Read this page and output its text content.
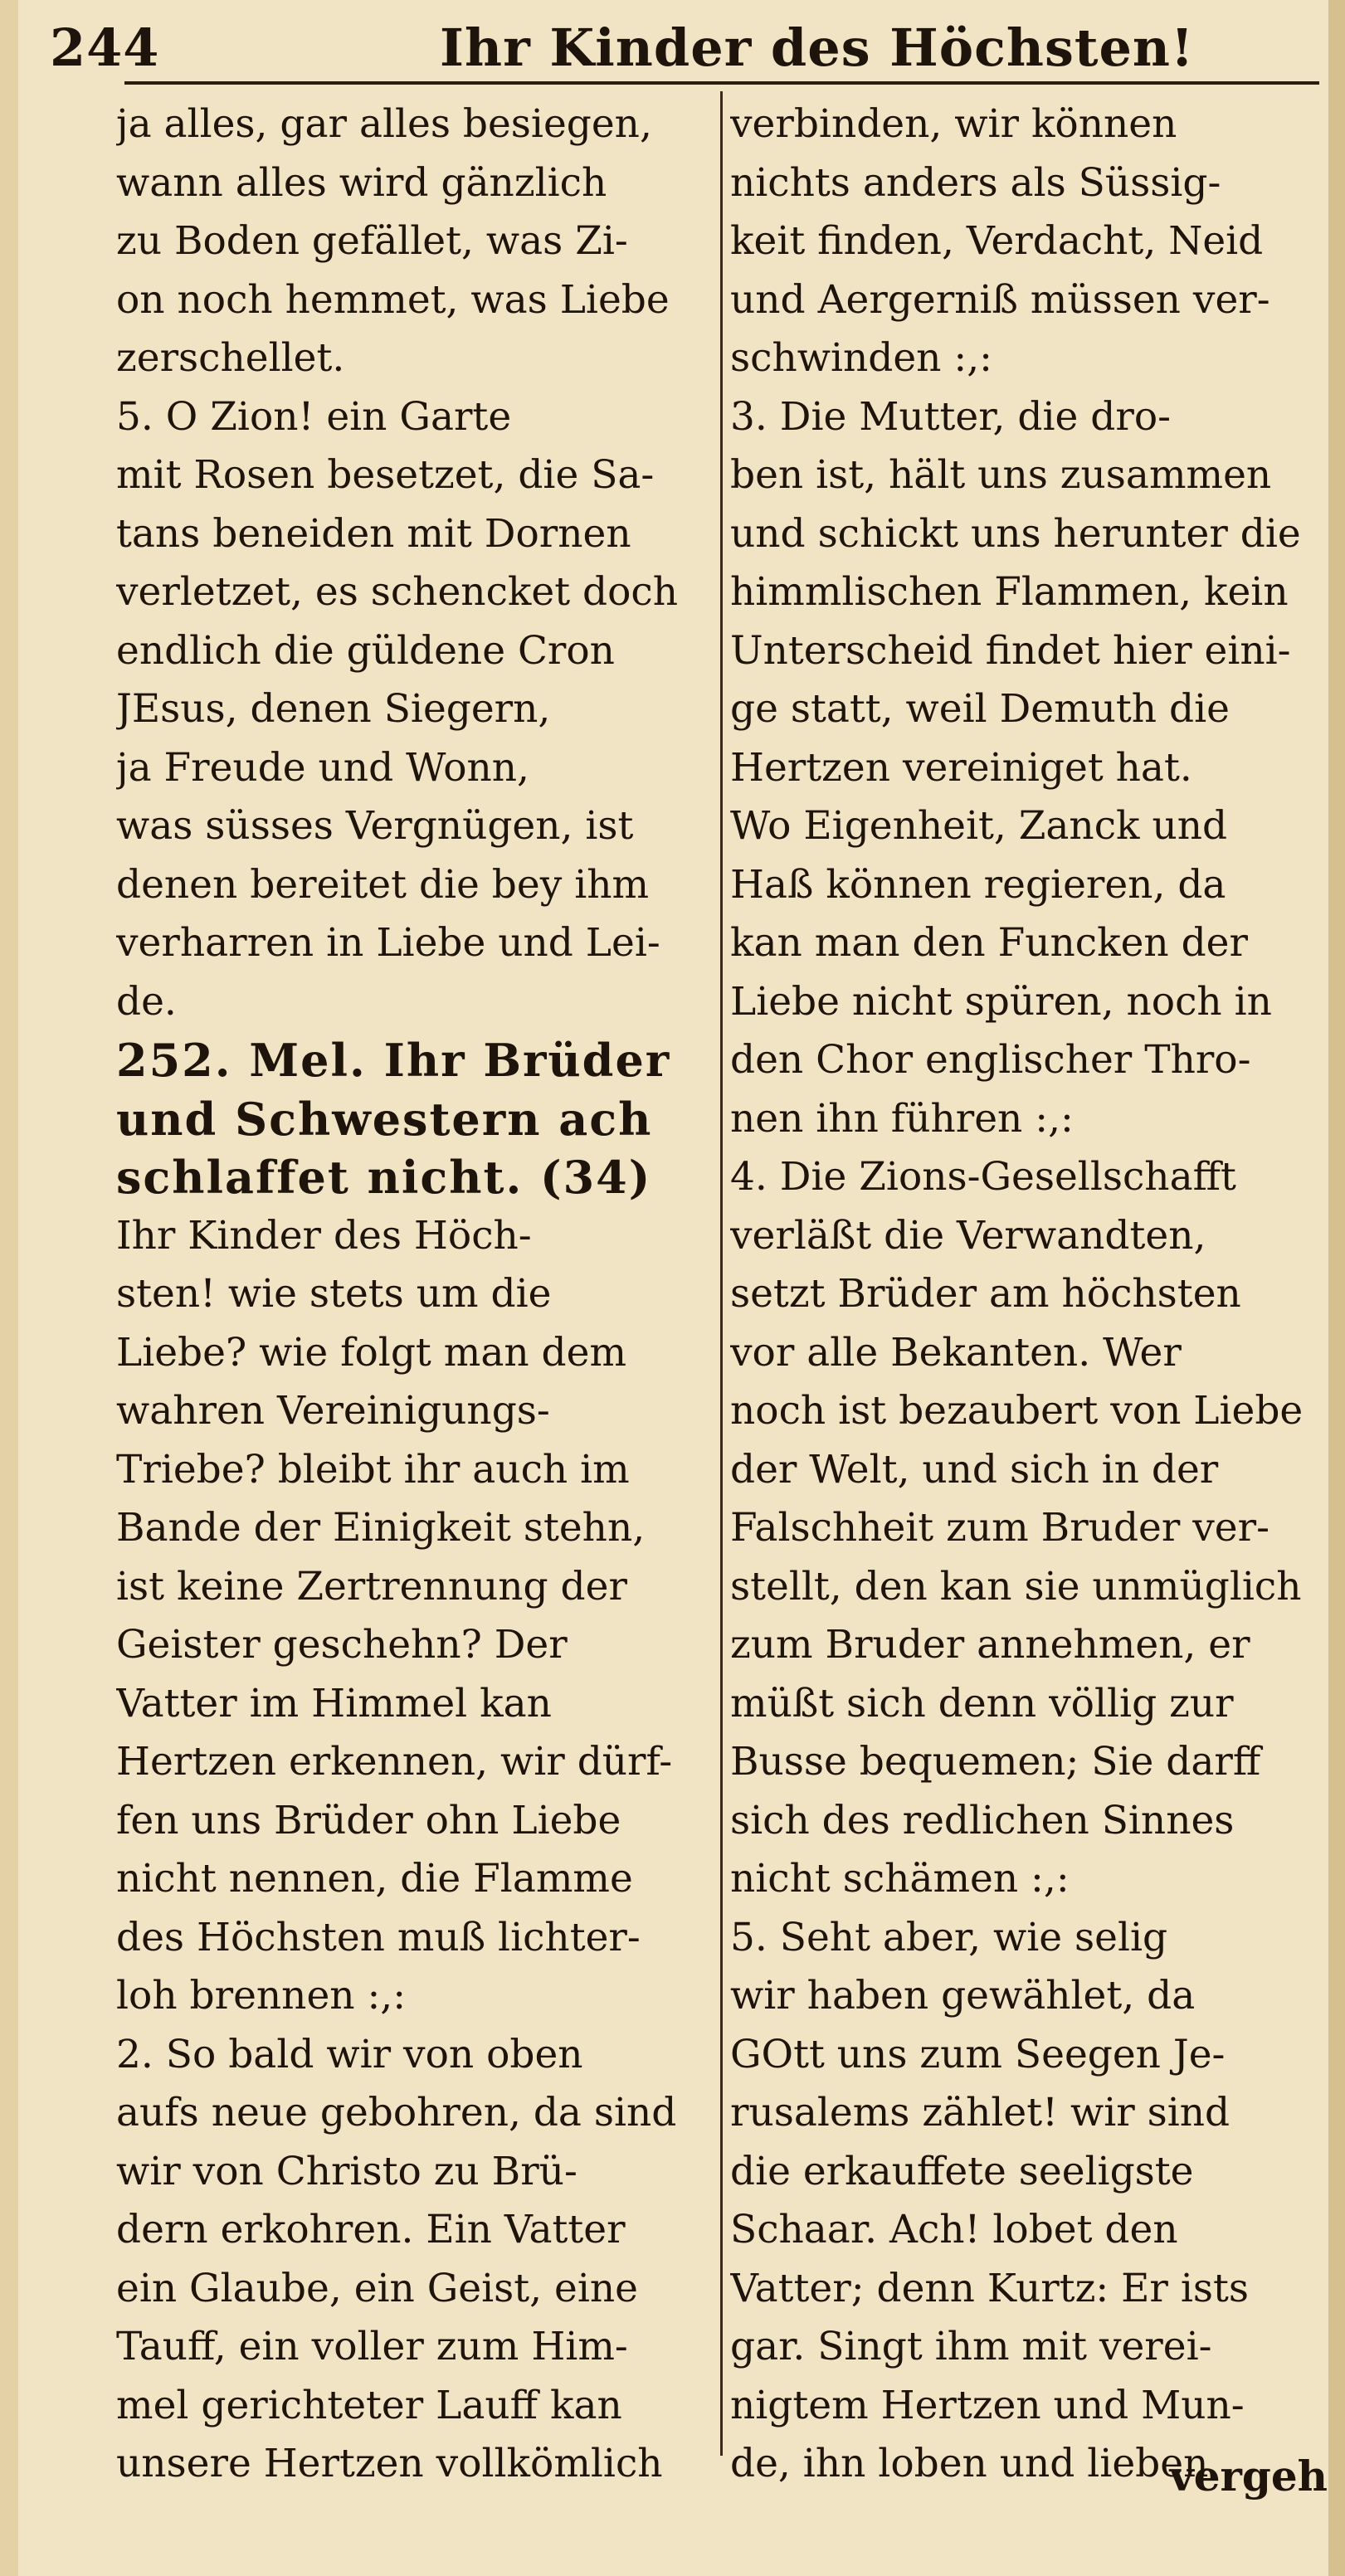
244	Ihr Kinder des Höchsten!
ja alles, gar alles besiegen,
wann alles wird gänzlich
zu Boden gefället, was Zi-
on noch hemmet, was Liebe
zerschellet.
5. O Zion! ein Garte
mit Rosen besetzet, die Sa-
tans beneiden mit Dornen
verletzet, es schencket doch
endlich die güldene Cron
JEsus, denen Siegern,
ja Freude und Wonn,
was süsses Vergnügen, ist
denen bereitet die bey ihm
verharren in Liebe und Lei-
de.
252. Mel. Ihr Brüder
und Schwestern ach
schlaffet nicht. (34)
Ihr Kinder des Höch-
sten! wie stets um die
Liebe? wie folgt man dem
wahren Vereinigungs-
Triebe? bleibt ihr auch im
Bande der Einigkeit stehn,
ist keine Zertrennung der
Geister geschehn? Der
Vatter im Himmel kan
Hertzen erkennen, wir dürf-
fen uns Brüder ohn Liebe
nicht nennen, die Flamme
des Höchsten muß lichter-
loh brennen :,:
2. So bald wir von oben
aufs neue gebohren, da sind
wir von Christo zu Brü-
dern erkohren. Ein Vatter
ein Glaube, ein Geist, eine
Tauff, ein voller zum Him-
mel gerichteter Lauff kan
unsere Hertzen vollkömlich
verbinden, wir können
nichts anders als Süssig-
keit finden, Verdacht, Neid
und Aergerniß müssen ver-
schwinden :,:
3. Die Mutter, die dro-
ben ist, hält uns zusammen
und schickt uns herunter die
himmlischen Flammen, kein
Unterscheid findet hier eini-
ge statt, weil Demuth die
Hertzen vereiniget hat.
Wo Eigenheit, Zanck und
Haß können regieren, da
kan man den Funcken der
Liebe nicht spüren, noch in
den Chor englischer Thro-
nen ihn führen :,:
4. Die Zions-Gesellschafft
verläßt die Verwandten,
setzt Brüder am höchsten
vor alle Bekanten. Wer
noch ist bezaubert von Liebe
der Welt, und sich in der
Falschheit zum Bruder ver-
stellt, den kan sie unmüglich
zum Bruder annehmen, er
müßt sich denn völlig zur
Busse bequemen; Sie darff
sich des redlichen Sinnes
nicht schämen :,:
5. Seht aber, wie selig
wir haben gewählet, da
GOtt uns zum Seegen Je-
rusalems zählet! wir sind
die erkauffete seeligste
Schaar. Ach! lobet den
Vatter; denn Kurtz: Er ists
gar. Singt ihm mit verei-
nigtem Hertzen und Mun-
de, ihn loben und lieben
vergeh
